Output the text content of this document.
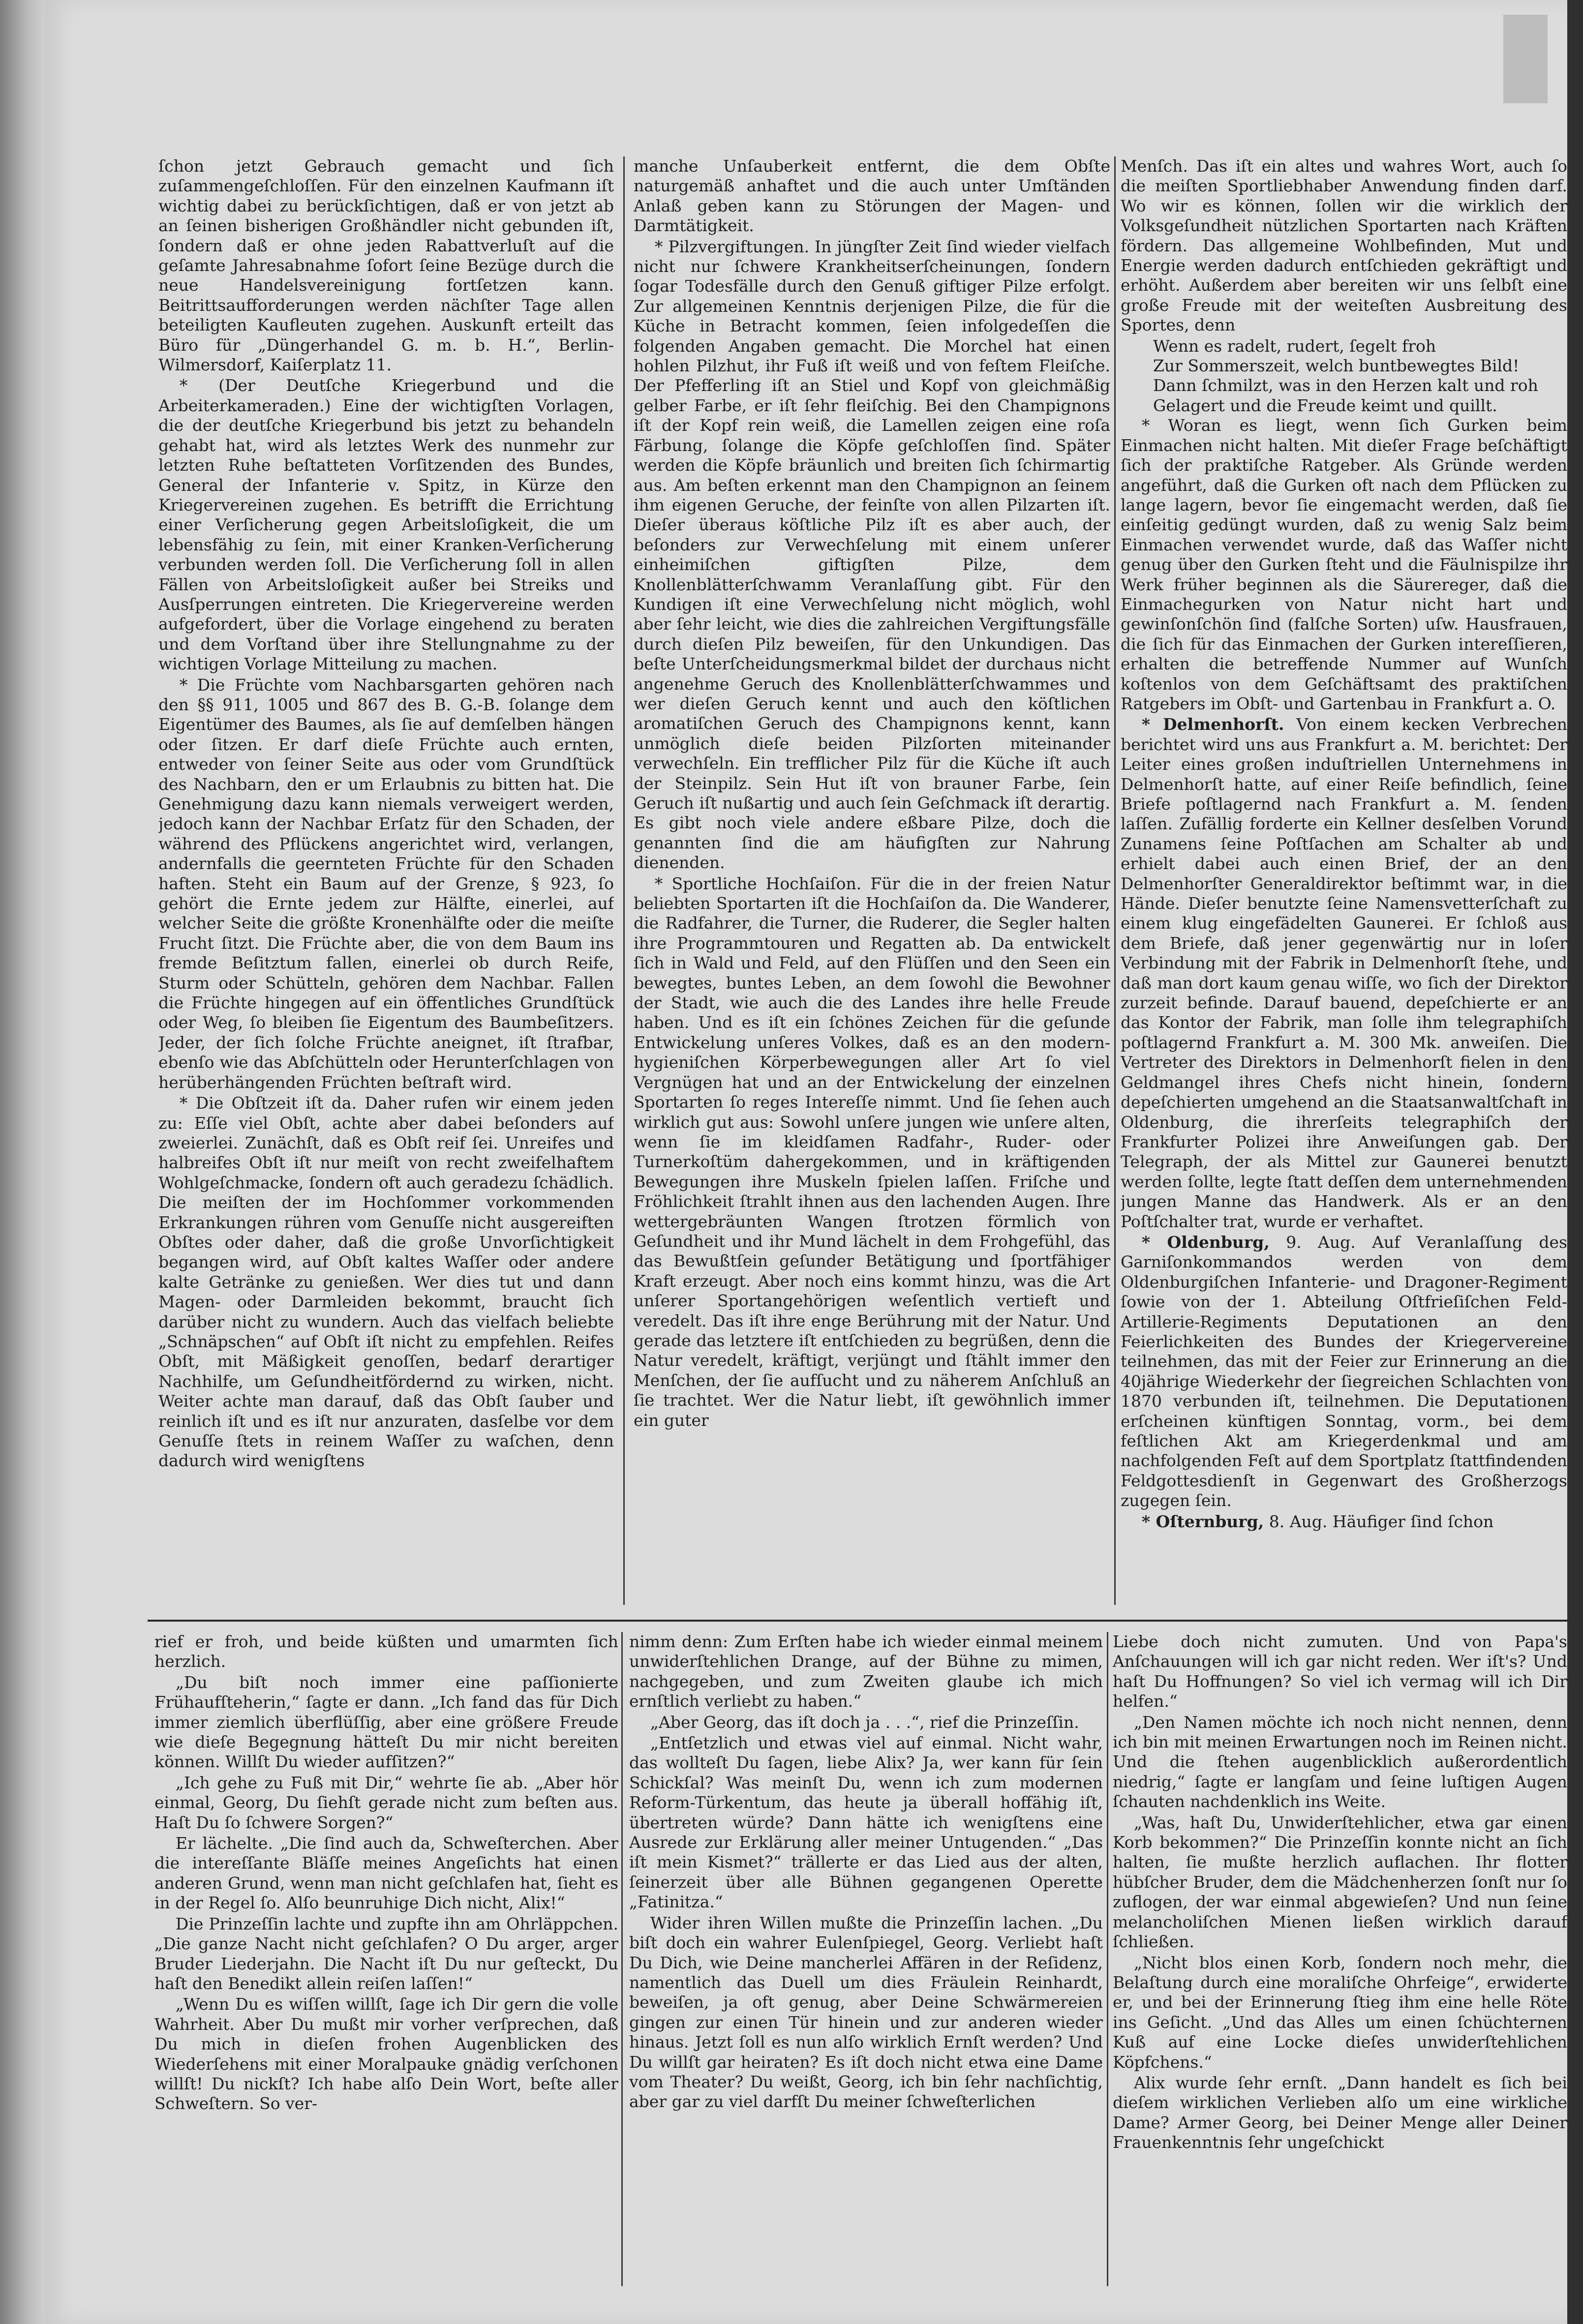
ſchon jetzt Gebrauch gemacht und ſich zuſammengeſchloſſen. Für den einzelnen Kaufmann iſt wichtig dabei zu berückſichtigen, daß er von jetzt ab an ſeinen bisherigen Großhändler nicht gebunden iſt, ſondern daß er ohne jeden Rabattverluſt auf die geſamte Jahresabnahme ſofort ſeine Bezüge durch die neue Handelsvereinigung fortſetzen kann. Beitrittsaufforderungen werden nächſter Tage allen beteiligten Kaufleuten zugehen. Auskunft erteilt das Büro für „Düngerhandel G. m. b. H.“, Berlin-Wilmersdorf, Kaiſerplatz 11.

* (Der Deutſche Kriegerbund und die Arbeiterkameraden.) Eine der wichtigſten Vorlagen, die der deutſche Kriegerbund bis jetzt zu behandeln gehabt hat, wird als letztes Werk des nunmehr zur letzten Ruhe beſtatteten Vorſitzenden des Bundes, General der Infanterie v. Spitz, in Kürze den Kriegervereinen zugehen. Es betrifft die Errichtung einer Verſicherung gegen Arbeitsloſigkeit, die um lebensfähig zu ſein, mit einer Kranken-Verſicherung verbunden werden ſoll. Die Verſicherung ſoll in allen Fällen von Arbeitsloſigkeit außer bei Streiks und Ausſperrungen eintreten. Die Kriegervereine werden aufgefordert, über die Vorlage eingehend zu beraten und dem Vorſtand über ihre Stellungnahme zu der wichtigen Vorlage Mitteilung zu machen.

* Die Früchte vom Nachbarsgarten gehören nach den §§ 911, 1005 und 867 des B. G.-B. ſolange dem Eigentümer des Baumes, als ſie auf demſelben hängen oder ſitzen. Er darf dieſe Früchte auch ernten, entweder von ſeiner Seite aus oder vom Grundſtück des Nachbarn, den er um Erlaubnis zu bitten hat. Die Genehmigung dazu kann niemals verweigert werden, jedoch kann der Nachbar Erſatz für den Schaden, der während des Pflückens angerichtet wird, verlangen, andernfalls die geernteten Früchte für den Schaden haften. Steht ein Baum auf der Grenze, § 923, ſo gehört die Ernte jedem zur Hälfte, einerlei, auf welcher Seite die größte Kronenhälfte oder die meiſte Frucht ſitzt. Die Früchte aber, die von dem Baum ins fremde Beſitztum fallen, einerlei ob durch Reife, Sturm oder Schütteln, gehören dem Nachbar. Fallen die Früchte hingegen auf ein öffentliches Grundſtück oder Weg, ſo bleiben ſie Eigentum des Baumbeſitzers. Jeder, der ſich ſolche Früchte aneignet, iſt ſtrafbar, ebenſo wie das Abſchütteln oder Herunterſchlagen von herüberhängenden Früchten beſtraft wird.

* Die Obſtzeit iſt da. Daher rufen wir einem jeden zu: Eſſe viel Obſt, achte aber dabei beſonders auf zweierlei. Zunächſt, daß es Obſt reif ſei. Unreifes und halbreifes Obſt iſt nur meiſt von recht zweifelhaftem Wohlgeſchmacke, ſondern oft auch geradezu ſchädlich. Die meiſten der im Hochſommer vorkommenden Erkrankungen rühren vom Genuſſe nicht ausgereiften Obſtes oder daher, daß die große Unvorſichtigkeit begangen wird, auf Obſt kaltes Waſſer oder andere kalte Getränke zu genießen. Wer dies tut und dann Magen- oder Darmleiden bekommt, braucht ſich darüber nicht zu wundern. Auch das vielfach beliebte „Schnäpschen“ auf Obſt iſt nicht zu empfehlen. Reifes Obſt, mit Mäßigkeit genoſſen, bedarf derartiger Nachhilfe, um Geſundheitfördernd zu wirken, nicht. Weiter achte man darauf, daß das Obſt ſauber und reinlich iſt und es iſt nur anzuraten, dasſelbe vor dem Genuſſe ſtets in reinem Waſſer zu waſchen, denn dadurch wird wenigſtens

manche Unſauberkeit entfernt, die dem Obſte naturgemäß anhaftet und die auch unter Umſtänden Anlaß geben kann zu Störungen der Magen- und Darmtätigkeit.

* Pilzvergiftungen. In jüngſter Zeit ſind wieder vielfach nicht nur ſchwere Krankheitserſcheinungen, ſondern ſogar Todesfälle durch den Genuß giftiger Pilze erfolgt. Zur allgemeinen Kenntnis derjenigen Pilze, die für die Küche in Betracht kommen, ſeien infolgedeſſen die folgenden Angaben gemacht. Die Morchel hat einen hohlen Pilzhut, ihr Fuß iſt weiß und von feſtem Fleiſche. Der Pfefferling iſt an Stiel und Kopf von gleichmäßig gelber Farbe, er iſt ſehr fleiſchig. Bei den Champignons iſt der Kopf rein weiß, die Lamellen zeigen eine roſa Färbung, ſolange die Köpfe geſchloſſen ſind. Später werden die Köpfe bräunlich und breiten ſich ſchirmartig aus. Am beſten erkennt man den Champignon an ſeinem ihm eigenen Geruche, der feinſte von allen Pilzarten iſt. Dieſer überaus köſtliche Pilz iſt es aber auch, der beſonders zur Verwechſelung mit einem unſerer einheimiſchen giftigſten Pilze, dem Knollenblätterſchwamm Veranlaſſung gibt. Für den Kundigen iſt eine Verwechſelung nicht möglich, wohl aber ſehr leicht, wie dies die zahlreichen Vergiftungsfälle durch dieſen Pilz beweiſen, für den Unkundigen. Das beſte Unterſcheidungsmerkmal bildet der durchaus nicht angenehme Geruch des Knollenblätterſchwammes und wer dieſen Geruch kennt und auch den köſtlichen aromatiſchen Geruch des Champignons kennt, kann unmöglich dieſe beiden Pilzſorten miteinander verwechſeln. Ein trefflicher Pilz für die Küche iſt auch der Steinpilz. Sein Hut iſt von brauner Farbe, ſein Geruch iſt nußartig und auch ſein Geſchmack iſt derartig. Es gibt noch viele andere eßbare Pilze, doch die genannten ſind die am häufigſten zur Nahrung dienenden.

* Sportliche Hochſaiſon. Für die in der freien Natur beliebten Sportarten iſt die Hochſaiſon da. Die Wanderer, die Radfahrer, die Turner, die Ruderer, die Segler halten ihre Programmtouren und Regatten ab. Da entwickelt ſich in Wald und Feld, auf den Flüſſen und den Seen ein bewegtes, buntes Leben, an dem ſowohl die Bewohner der Stadt, wie auch die des Landes ihre helle Freude haben. Und es iſt ein ſchönes Zeichen für die geſunde Entwickelung unſeres Volkes, daß es an den modern-hygieniſchen Körperbewegungen aller Art ſo viel Vergnügen hat und an der Entwickelung der einzelnen Sportarten ſo reges Intereſſe nimmt. Und ſie ſehen auch wirklich gut aus: Sowohl unſere jungen wie unſere alten, wenn ſie im kleidſamen Radfahr-, Ruder- oder Turnerkoſtüm dahergekommen, und in kräftigenden Bewegungen ihre Muskeln ſpielen laſſen. Friſche und Fröhlichkeit ſtrahlt ihnen aus den lachenden Augen. Ihre wettergebräunten Wangen ſtrotzen förmlich von Geſundheit und ihr Mund lächelt in dem Frohgefühl, das das Bewußtſein geſunder Betätigung und ſportfähiger Kraft erzeugt. Aber noch eins kommt hinzu, was die Art unſerer Sportangehörigen weſentlich vertieft und veredelt. Das iſt ihre enge Berührung mit der Natur. Und gerade das letztere iſt entſchieden zu begrüßen, denn die Natur veredelt, kräftigt, verjüngt und ſtählt immer den Menſchen, der ſie aufſucht und zu näherem Anſchluß an ſie trachtet. Wer die Natur liebt, iſt gewöhnlich immer ein guter

Menſch. Das iſt ein altes und wahres Wort, auch ſo die meiſten Sportliebhaber Anwendung finden darf. Wo wir es können, ſollen wir die wirklich der Volksgeſundheit nützlichen Sportarten nach Kräften fördern. Das allgemeine Wohlbefinden, Mut und Energie werden dadurch entſchieden gekräftigt und erhöht. Außerdem aber bereiten wir uns ſelbſt eine große Freude mit der weiteſten Ausbreitung des Sportes, denn

Wenn es radelt, rudert, ſegelt froh

Zur Sommerszeit, welch buntbewegtes Bild!

Dann ſchmilzt, was in den Herzen kalt und roh

Gelagert und die Freude keimt und quillt.

* Woran es liegt, wenn ſich Gurken beim Einmachen nicht halten. Mit dieſer Frage beſchäftigt ſich der praktiſche Ratgeber. Als Gründe werden angeführt, daß die Gurken oft nach dem Pflücken zu lange lagern, bevor ſie eingemacht werden, daß ſie einſeitig gedüngt wurden, daß zu wenig Salz beim Einmachen verwendet wurde, daß das Waſſer nicht genug über den Gurken ſteht und die Fäulnispilze ihr Werk früher beginnen als die Säurereger, daß die Einmachegurken von Natur nicht hart und gewinſonſchön ſind (falſche Sorten) uſw. Hausfrauen, die ſich für das Einmachen der Gurken intereſſieren, erhalten die betreffende Nummer auf Wunſch koſtenlos von dem Geſchäftsamt des praktiſchen Ratgebers im Obſt- und Gartenbau in Frankfurt a. O.

* Delmenhorſt. Von einem kecken Verbrechen berichtet wird uns aus Frankfurt a. M. berichtet: Der Leiter eines großen induſtriellen Unternehmens in Delmenhorſt hatte, auf einer Reiſe befindlich, ſeine Briefe poſtlagernd nach Frankfurt a. M. ſenden laſſen. Zufällig forderte ein Kellner desſelben Vorund Zunamens ſeine Poſtſachen am Schalter ab und erhielt dabei auch einen Brief, der an den Delmenhorſter Generaldirektor beſtimmt war, in die Hände. Dieſer benutzte ſeine Namensvetterſchaft zu einem klug eingefädelten Gaunerei. Er ſchloß aus dem Briefe, daß jener gegenwärtig nur in loſer Verbindung mit der Fabrik in Delmenhorſt ſtehe, und daß man dort kaum genau wiſſe, wo ſich der Direktor zurzeit befinde. Darauf bauend, depeſchierte er an das Kontor der Fabrik, man ſolle ihm telegraphiſch poſtlagernd Frankfurt a. M. 300 Mk. anweiſen. Die Vertreter des Direktors in Delmenhorſt fielen in den Geldmangel ihres Chefs nicht hinein, ſondern depeſchierten umgehend an die Staatsanwaltſchaft in Oldenburg, die ihrerſeits telegraphiſch der Frankfurter Polizei ihre Anweiſungen gab. Der Telegraph, der als Mittel zur Gaunerei benutzt werden ſollte, legte ſtatt deſſen dem unternehmenden jungen Manne das Handwerk. Als er an den Poſtſchalter trat, wurde er verhaftet.

* Oldenburg, 9. Aug. Auf Veranlaſſung des Garniſonkommandos werden von dem Oldenburgiſchen Infanterie- und Dragoner-Regiment ſowie von der 1. Abteilung Oſtfrieſiſchen Feld-Artillerie-Regiments Deputationen an den Feierlichkeiten des Bundes der Kriegervereine teilnehmen, das mit der Feier zur Erinnerung an die 40jährige Wiederkehr der ſiegreichen Schlachten von 1870 verbunden iſt, teilnehmen. Die Deputationen erſcheinen künftigen Sonntag, vorm., bei dem feſtlichen Akt am Kriegerdenkmal und am nachfolgenden Feſt auf dem Sportplatz ſtattfindenden Feldgottesdienſt in Gegenwart des Großherzogs zugegen ſein.

* Oſternburg, 8. Aug. Häufiger ſind ſchon

rief er froh, und beide küßten und umarmten ſich herzlich.

„Du biſt noch immer eine paſſionierte Frühaufſteherin,“ ſagte er dann. „Ich fand das für Dich immer ziemlich überflüſſig, aber eine größere Freude wie dieſe Begegnung hätteſt Du mir nicht bereiten können. Willſt Du wieder aufſitzen?“

„Ich gehe zu Fuß mit Dir,“ wehrte ſie ab. „Aber hör einmal, Georg, Du ſiehſt gerade nicht zum beſten aus. Haſt Du ſo ſchwere Sorgen?“

Er lächelte. „Die ſind auch da, Schweſterchen. Aber die intereſſante Bläſſe meines Angeſichts hat einen anderen Grund, wenn man nicht geſchlafen hat, ſieht es in der Regel ſo. Alſo beunruhige Dich nicht, Alix!“

Die Prinzeſſin lachte und zupfte ihn am Ohrläppchen. „Die ganze Nacht nicht geſchlafen? O Du arger, arger Bruder Liederjahn. Die Nacht iſt Du nur geſteckt, Du haſt den Benedikt allein reiſen laſſen!“

„Wenn Du es wiſſen willſt, ſage ich Dir gern die volle Wahrheit. Aber Du mußt mir vorher verſprechen, daß Du mich in dieſen frohen Augenblicken des Wiederſehens mit einer Moralpauke gnädig verſchonen willſt! Du nickſt? Ich habe alſo Dein Wort, beſte aller Schweſtern. So ver-

nimm denn: Zum Erſten habe ich wieder einmal meinem unwiderſtehlichen Drange, auf der Bühne zu mimen, nachgegeben, und zum Zweiten glaube ich mich ernſtlich verliebt zu haben.“

„Aber Georg, das iſt doch ja . . .“, rief die Prinzeſſin.

„Entſetzlich und etwas viel auf einmal. Nicht wahr, das wollteſt Du ſagen, liebe Alix? Ja, wer kann für ſein Schickſal? Was meinſt Du, wenn ich zum modernen Reform-Türkentum, das heute ja überall hoffähig iſt, übertreten würde? Dann hätte ich wenigſtens eine Ausrede zur Erklärung aller meiner Untugenden.“ „Das iſt mein Kismet?“ trällerte er das Lied aus der alten, ſeinerzeit über alle Bühnen gegangenen Operette „Fatinitza.“

Wider ihren Willen mußte die Prinzeſſin lachen. „Du biſt doch ein wahrer Eulenſpiegel, Georg. Verliebt haſt Du Dich, wie Deine mancherlei Affären in der Reſidenz, namentlich das Duell um dies Fräulein Reinhardt, beweiſen, ja oft genug, aber Deine Schwärmereien gingen zur einen Tür hinein und zur anderen wieder hinaus. Jetzt ſoll es nun alſo wirklich Ernſt werden? Und Du willſt gar heiraten? Es iſt doch nicht etwa eine Dame vom Theater? Du weißt, Georg, ich bin ſehr nachſichtig, aber gar zu viel darfſt Du meiner ſchweſterlichen

Liebe doch nicht zumuten. Und von Papa's Anſchauungen will ich gar nicht reden. Wer iſt's? Und haſt Du Hoffnungen? So viel ich vermag will ich Dir helfen.“

„Den Namen möchte ich noch nicht nennen, denn ich bin mit meinen Erwartungen noch im Reinen nicht. Und die ſtehen augenblicklich außerordentlich niedrig,“ ſagte er langſam und ſeine luſtigen Augen ſchauten nachdenklich ins Weite.

„Was, haſt Du, Unwiderſtehlicher, etwa gar einen Korb bekommen?“ Die Prinzeſſin konnte nicht an ſich halten, ſie mußte herzlich auflachen. Ihr flotter hübſcher Bruder, dem die Mädchenherzen ſonſt nur ſo zuflogen, der war einmal abgewieſen? Und nun ſeine melancholiſchen Mienen ließen wirklich darauf ſchließen.

„Nicht blos einen Korb, ſondern noch mehr, die Belaſtung durch eine moraliſche Ohrfeige“, erwiderte er, und bei der Erinnerung ſtieg ihm eine helle Röte ins Geſicht. „Und das Alles um einen ſchüchternen Kuß auf eine Locke dieſes unwiderſtehlichen Köpfchens.“

Alix wurde ſehr ernſt. „Dann handelt es ſich bei dieſem wirklichen Verlieben alſo um eine wirkliche Dame? Armer Georg, bei Deiner Menge aller Deiner Frauenkenntnis ſehr ungeſchickt
